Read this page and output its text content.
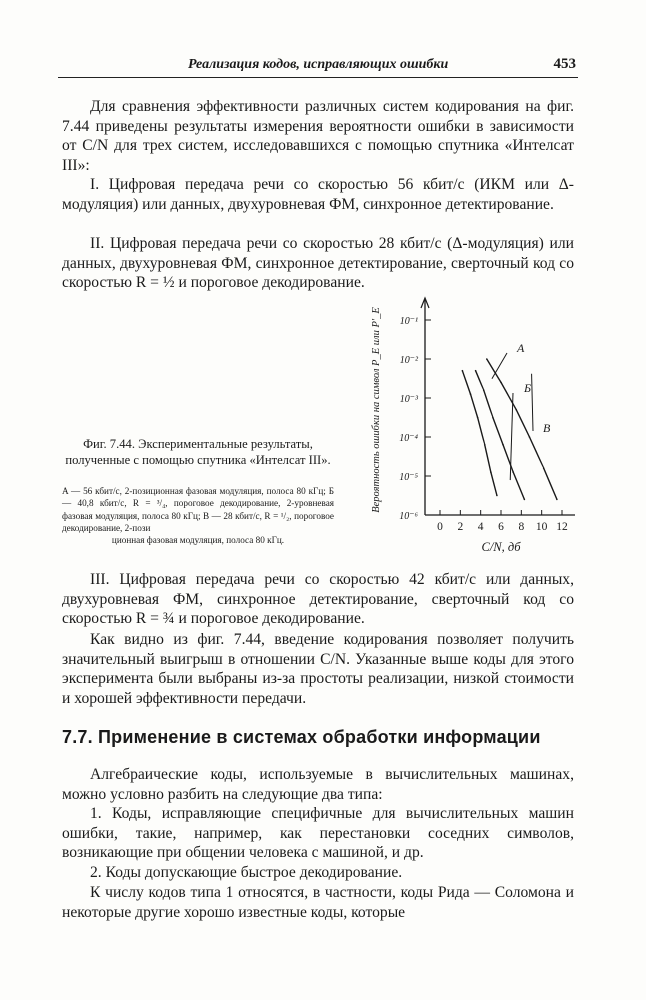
Реализация кодов, исправляющих ошибки	453
Для сравнения эффективности различных систем кодирования на фиг. 7.44 приведены результаты измерения вероятности ошибки в зависимости от C/N для трех систем, исследовавшихся с помощью спутника «Интелсат III»:
I. Цифровая передача речи со скоростью 56 кбит/с (ИКМ или Δ-модуляция) или данных, двухуровневая ФМ, синхронное детектирование.
II. Цифровая передача речи со скоростью 28 кбит/с (Δ-модуляция) или данных, двухуровневая ФМ, синхронное детектирование, сверточный код со скоростью R = ½ и пороговое декодирование.
10⁻¹
10⁻²
10⁻³
10⁻⁴
10⁻⁵
10⁻⁶
0 2 4 6 8 10 12
C/N, дб
Вероятность ошибки на символ P_E или P'_E	A
Б
B
Фиг. 7.44. Экспериментальные результаты, полученные с помощью спутника «Интелсат III».
A — 56 кбит/с, 2-позиционная фазовая модуляция, полоса 80 кГц; Б — 40,8 кбит/с, R = ³/₄, пороговое декодирование, 2-уровневая фазовая модуляция, полоса 80 кГц; B — 28 кбит/с, R = ¹/₂, пороговое декодирование, 2-пози
ционная фазовая модуляция, полоса 80 кГц.
III. Цифровая передача речи со скоростью 42 кбит/с или данных, двухуровневая ФМ, синхронное детектирование, сверточный код со скоростью R = ¾ и пороговое декодирование.
Как видно из фиг. 7.44, введение кодирования позволяет получить значительный выигрыш в отношении C/N. Указанные выше коды для этого эксперимента были выбраны из-за простоты реализации, низкой стоимости и хорошей эффективности передачи.
7.7. Применение в системах обработки информации
Алгебраические коды, используемые в вычислительных машинах, можно условно разбить на следующие два типа:
1. Коды, исправляющие специфичные для вычислительных машин ошибки, такие, например, как перестановки соседних символов, возникающие при общении человека с машиной, и др.
2. Коды допускающие быстрое декодирование.
К числу кодов типа 1 относятся, в частности, коды Рида — Соломона и некоторые другие хорошо известные коды, которые
